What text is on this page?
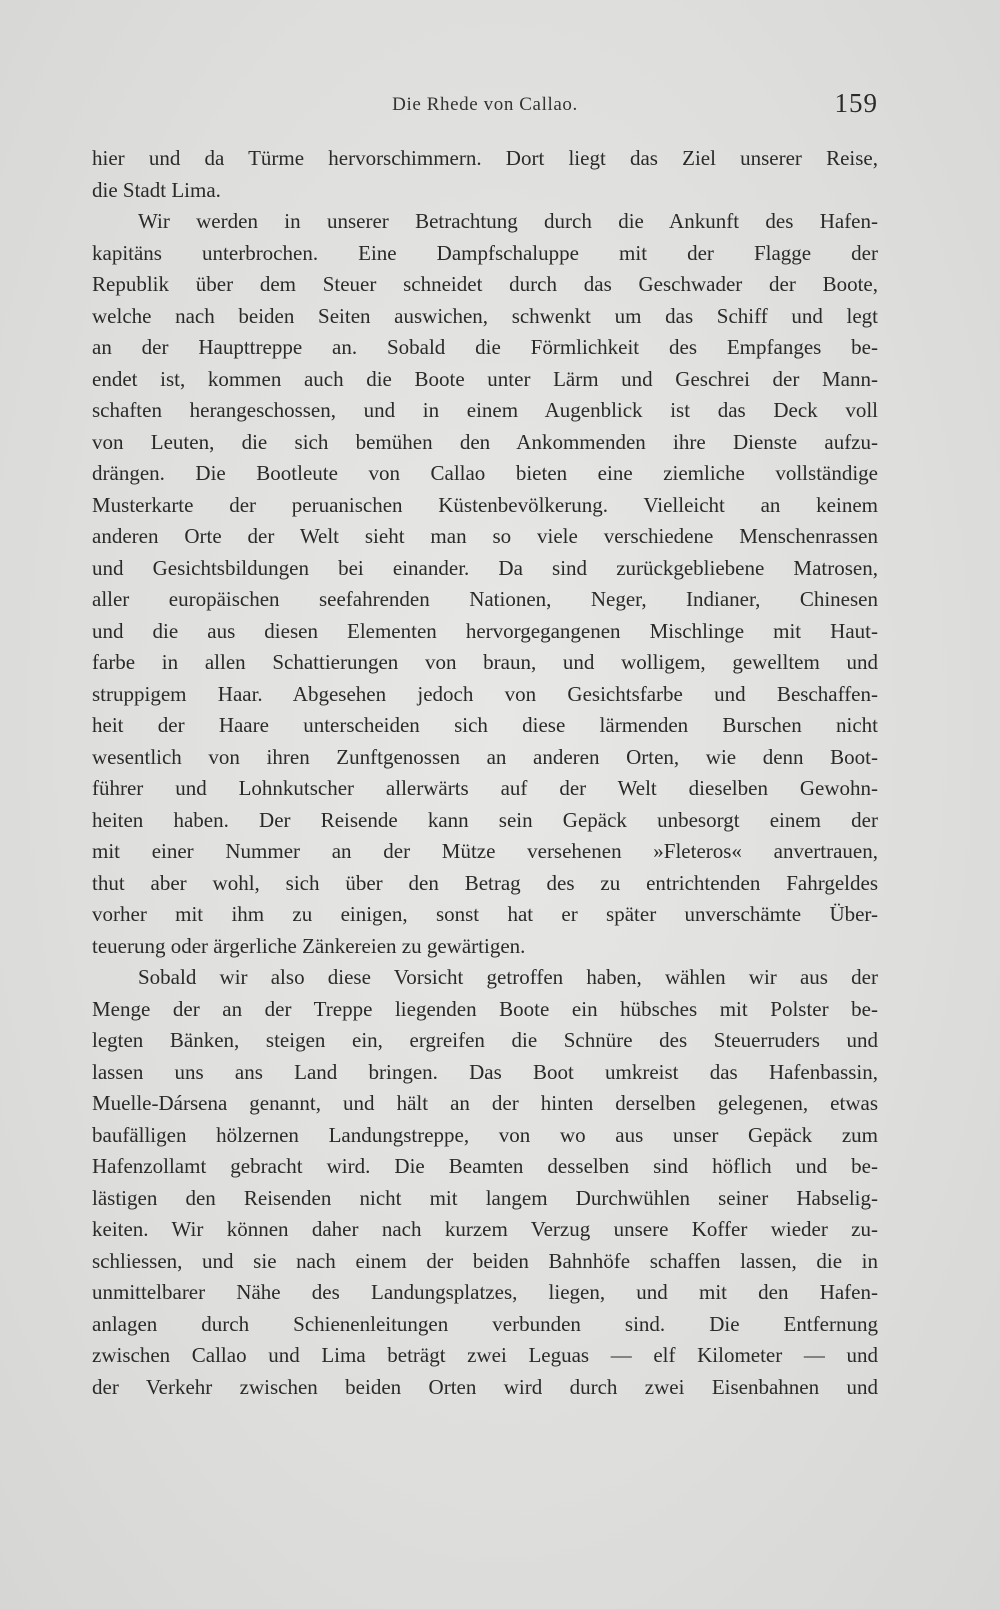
Die Rhede von Callao.	159
hier und da Türme hervorschimmern. Dort liegt das Ziel unserer Reise,
die Stadt Lima.
Wir werden in unserer Betrachtung durch die Ankunft des Hafen-
kapitäns unterbrochen. Eine Dampfschaluppe mit der Flagge der
Republik über dem Steuer schneidet durch das Geschwader der Boote,
welche nach beiden Seiten auswichen, schwenkt um das Schiff und legt
an der Haupttreppe an. Sobald die Förmlichkeit des Empfanges be-
endet ist, kommen auch die Boote unter Lärm und Geschrei der Mann-
schaften herangeschossen, und in einem Augenblick ist das Deck voll
von Leuten, die sich bemühen den Ankommenden ihre Dienste aufzu-
drängen. Die Bootleute von Callao bieten eine ziemliche vollständige
Musterkarte der peruanischen Küstenbevölkerung. Vielleicht an keinem
anderen Orte der Welt sieht man so viele verschiedene Menschenrassen
und Gesichtsbildungen bei einander. Da sind zurückgebliebene Matrosen,
aller europäischen seefahrenden Nationen, Neger, Indianer, Chinesen
und die aus diesen Elementen hervorgegangenen Mischlinge mit Haut-
farbe in allen Schattierungen von braun, und wolligem, gewelltem und
struppigem Haar. Abgesehen jedoch von Gesichtsfarbe und Beschaffen-
heit der Haare unterscheiden sich diese lärmenden Burschen nicht
wesentlich von ihren Zunftgenossen an anderen Orten, wie denn Boot-
führer und Lohnkutscher allerwärts auf der Welt dieselben Gewohn-
heiten haben. Der Reisende kann sein Gepäck unbesorgt einem der
mit einer Nummer an der Mütze versehenen »Fleteros« anvertrauen,
thut aber wohl, sich über den Betrag des zu entrichtenden Fahrgeldes
vorher mit ihm zu einigen, sonst hat er später unverschämte Über-
teuerung oder ärgerliche Zänkereien zu gewärtigen.
Sobald wir also diese Vorsicht getroffen haben, wählen wir aus der
Menge der an der Treppe liegenden Boote ein hübsches mit Polster be-
legten Bänken, steigen ein, ergreifen die Schnüre des Steuerruders und
lassen uns ans Land bringen. Das Boot umkreist das Hafenbassin,
Muelle-Dársena genannt, und hält an der hinten derselben gelegenen, etwas
baufälligen hölzernen Landungstreppe, von wo aus unser Gepäck zum
Hafenzollamt gebracht wird. Die Beamten desselben sind höflich und be-
lästigen den Reisenden nicht mit langem Durchwühlen seiner Habselig-
keiten. Wir können daher nach kurzem Verzug unsere Koffer wieder zu-
schliessen, und sie nach einem der beiden Bahnhöfe schaffen lassen, die in
unmittelbarer Nähe des Landungsplatzes, liegen, und mit den Hafen-
anlagen durch Schienenleitungen verbunden sind. Die Entfernung
zwischen Callao und Lima beträgt zwei Leguas — elf Kilometer — und
der Verkehr zwischen beiden Orten wird durch zwei Eisenbahnen und
